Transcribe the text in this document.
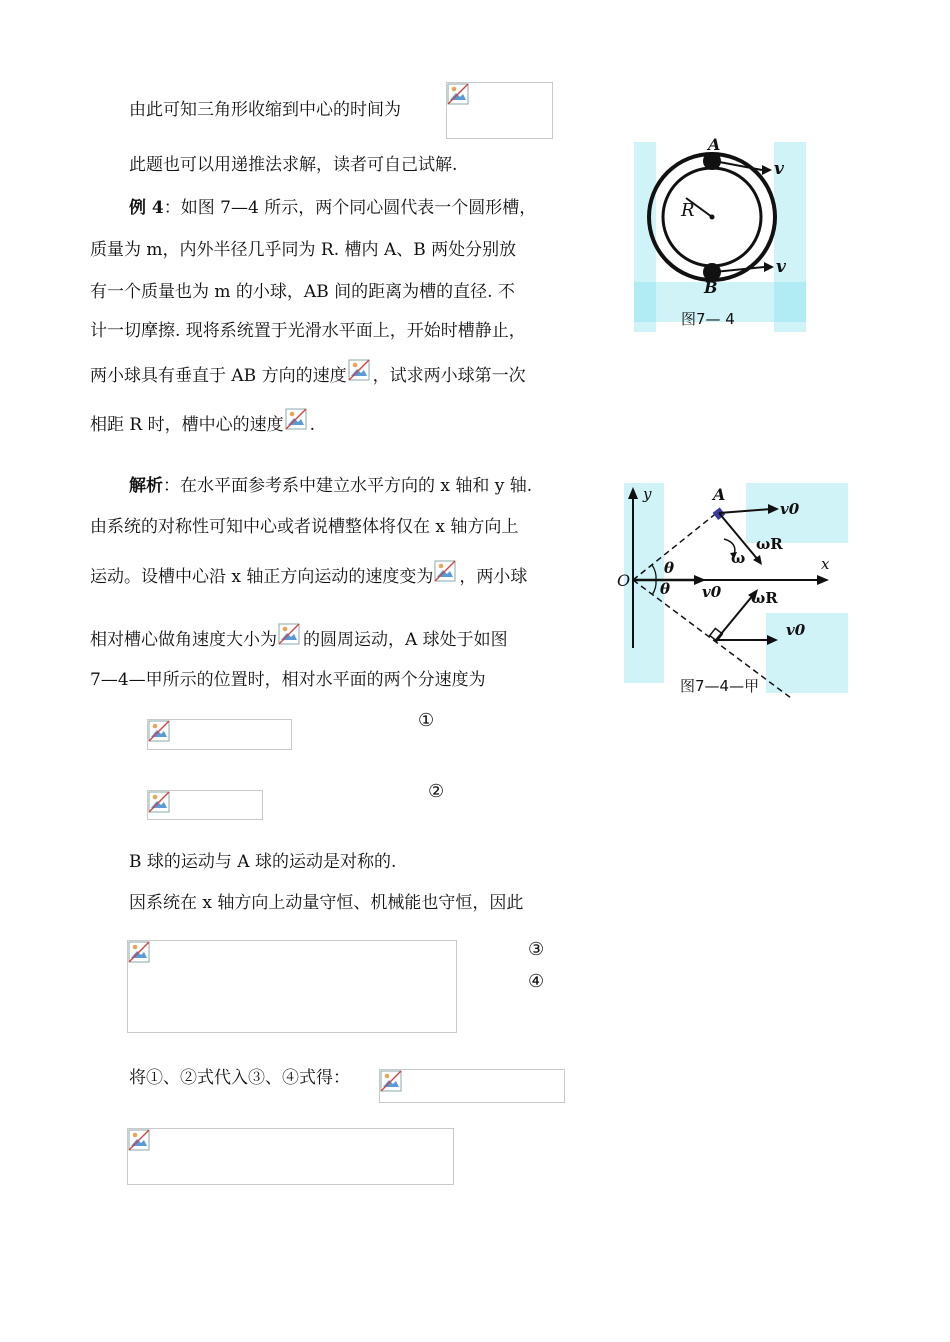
由此可知三角形收缩到中心的时间为
此题也可以用递推法求解，读者可自己试解.
例 4：如图 7—4 所示，两个同心圆代表一个圆形槽，
质量为 m，内外半径几乎同为 R. 槽内 A、B 两处分别放
有一个质量也为 m 的小球，AB 间的距离为槽的直径. 不
计一切摩擦. 现将系统置于光滑水平面上，开始时槽静止，
两小球具有垂直于 AB 方向的速度 ，试求两小球第一次
相距 R 时，槽中心的速度 .
解析：在水平面参考系中建立水平方向的 x 轴和 y 轴.
由系统的对称性可知中心或者说槽整体将仅在 x 轴方向上
运动。设槽中心沿 x 轴正方向运动的速度变为 ，两小球
相对槽心做角速度大小为 的圆周运动，A 球处于如图
7—4—甲所示的位置时，相对水平面的两个分速度为
①
②
B 球的运动与 A 球的运动是对称的.
因系统在 x 轴方向上动量守恒、机械能也守恒，因此
③
④
将①、②式代入③、④式得：
A
R
B
v
v
图7— 4
y	A
v0
ωR
ω	x
O
θ
θ v0 ωR
v0
图7—4—甲
